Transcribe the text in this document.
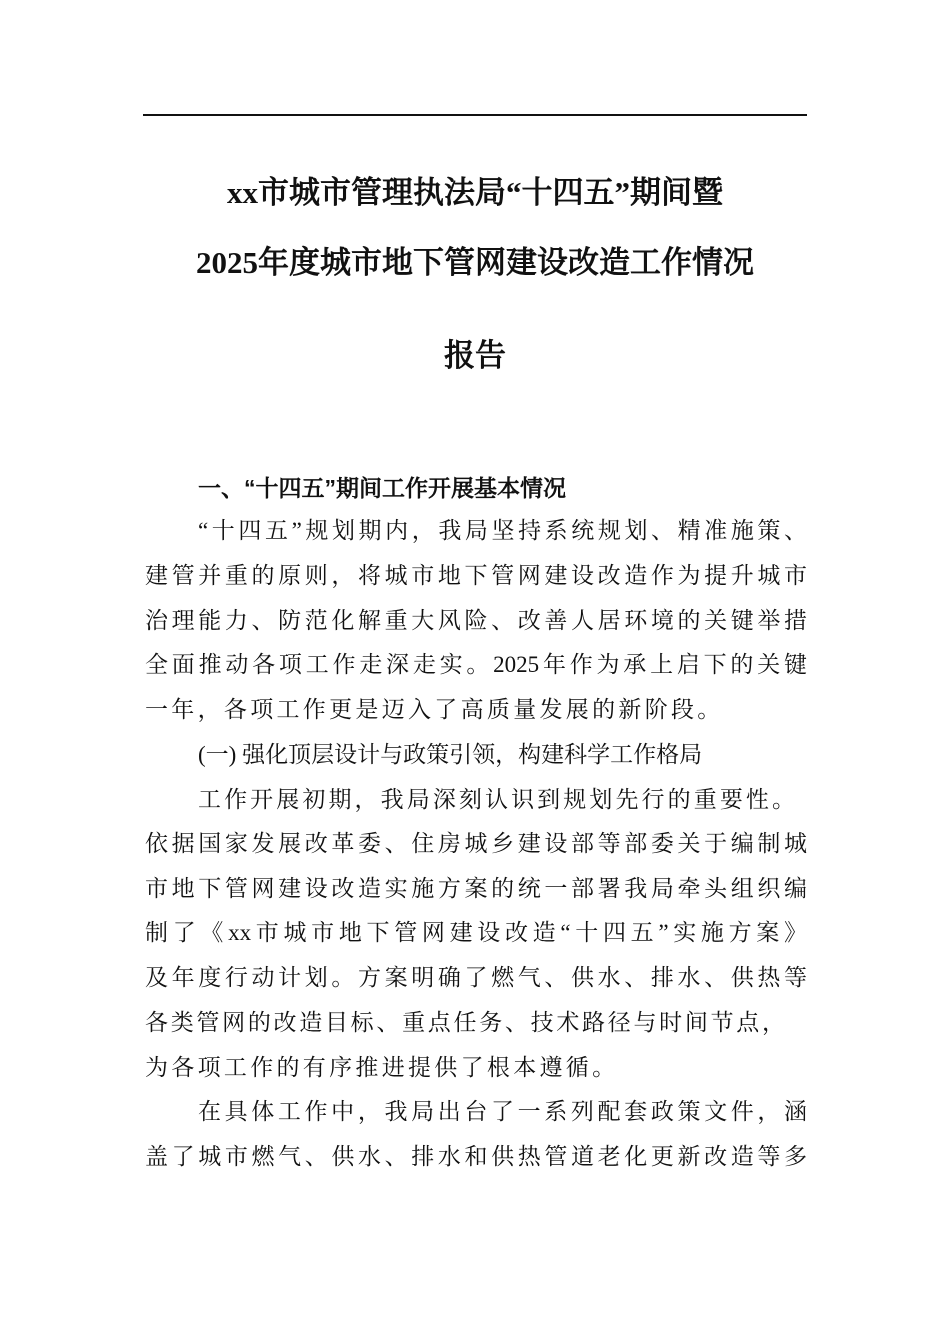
xx市城市管理执法局“十四五”期间暨
2025年度城市地下管网建设改造工作情况
报告
一、“十四五”期间工作开展基本情况
“十四五”规划期内，我局坚持系统规划、精准施策、
建管并重的原则，将城市地下管网建设改造作为提升城市
治理能力、防范化解重大风险、改善人居环境的关键举措
全面推动各项工作走深走实。2025年作为承上启下的关键
一年，各项工作更是迈入了高质量发展的新阶段。
(一) 强化顶层设计与政策引领，构建科学工作格局
工作开展初期，我局深刻认识到规划先行的重要性。
依据国家发展改革委、住房城乡建设部等部委关于编制城
市地下管网建设改造实施方案的统一部署我局牵头组织编
制了《xx市城市地下管网建设改造“十四五”实施方案》
及年度行动计划。方案明确了燃气、供水、排水、供热等
各类管网的改造目标、重点任务、技术路径与时间节点，
为各项工作的有序推进提供了根本遵循。
在具体工作中，我局出台了一系列配套政策文件，涵
盖了城市燃气、供水、排水和供热管道老化更新改造等多
